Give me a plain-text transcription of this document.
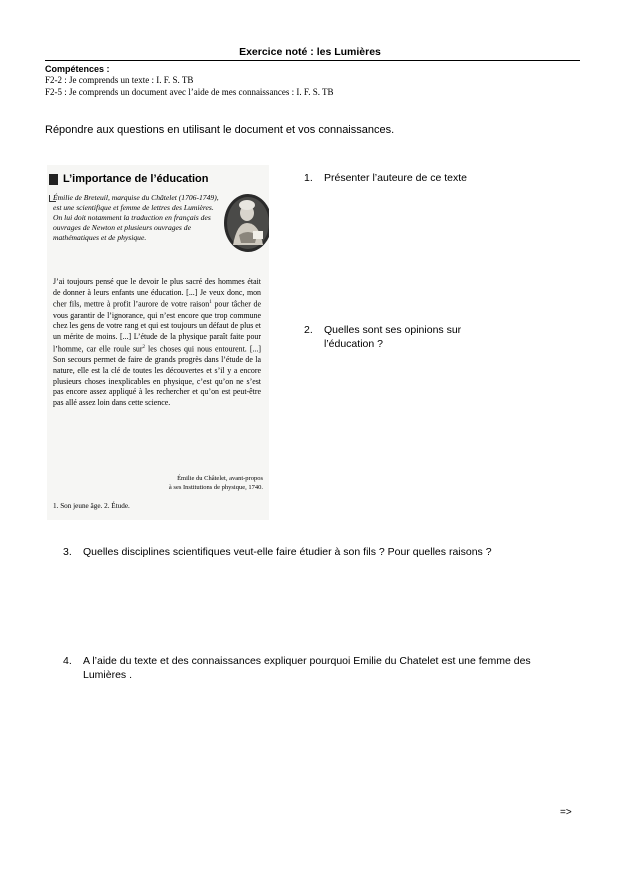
Exercice noté : les Lumières
Compétences :
F2-2 : Je comprends un texte : I. F. S. TB
F2-5 : Je comprends un document avec l’aide de mes connaissances : I. F. S. TB
Répondre aux questions en utilisant le document et vos connaissances.
L’importance de l’éducation
Émilie de Breteuil, marquise du Châtelet (1706-1749), est une scientifique et femme de lettres des Lumières. On lui doit notamment la traduction en français des ouvrages de Newton et plusieurs ouvrages de mathématiques et de physique.
J’ai toujours pensé que le devoir le plus sacré des hommes était de donner à leurs enfants une éducation. [...] Je veux donc, mon cher fils, mettre à profit l’aurore de votre raison$^1$ pour tâcher de vous garantir de l’ignorance, qui n’est encore que trop commune chez les gens de votre rang et qui est toujours un défaut de plus et un mérite de moins. [...] L’étude de la physique paraît faite pour l’homme, car elle roule sur$^2$ les choses qui nous entourent. [...] Son secours permet de faire de grands progrès dans l’étude de la nature, elle est la clé de toutes les découvertes et s’il y a encore plusieurs choses inexplicables en physique, c’est qu’on ne s’est pas encore assez appliqué à les rechercher et qu’on est peut-être pas allé assez loin dans cette science.
Émilie du Châtelet, avant-propos
à ses Institutions de physique, 1740.
1. Son jeune âge. 2. Étude.
1. Présenter l’auteure de ce texte
2. Quelles sont ses opinions sur
l’éducation ?
3. Quelles disciplines scientifiques veut-elle faire étudier à son fils ? Pour quelles raisons ?
4. A l’aide du texte et des connaissances expliquer pourquoi Emilie du Chatelet est une femme des
Lumières .
=>
